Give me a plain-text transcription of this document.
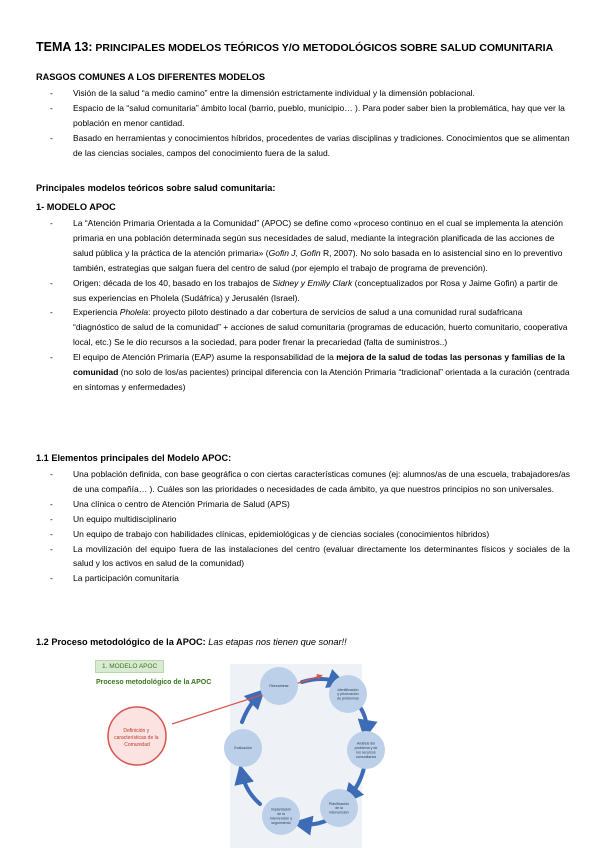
TEMA 13: PRINCIPALES MODELOS TEÓRICOS Y/O METODOLÓGICOS SOBRE SALUD COMUNITARIA
RASGOS COMUNES A LOS DIFERENTES MODELOS
- Visión de la salud “a medio camino” entre la dimensión estrictamente individual y la dimensión poblacional.
- Espacio de la “salud comunitaria” ámbito local (barrio, pueblo, municipio… ). Para poder saber bien la problemática, hay que ver la población en menor cantidad.
- Basado en herramientas y conocimientos híbridos, procedentes de varias disciplinas y tradiciones. Conocimientos que se alimentan de las ciencias sociales, campos del conocimiento fuera de la salud.
Principales modelos teóricos sobre salud comunitaria:
1- MODELO APOC
- La “Atención Primaria Orientada a la Comunidad” (APOC) se define como «proceso continuo en el cual se implementa la atención primaria en una población determinada según sus necesidades de salud, mediante la integración planificada de las acciones de salud pública y la práctica de la atención primaria» (Gofin J, Gofin R, 2007). No solo basada en lo asistencial sino en lo preventivo también, estrategias que salgan fuera del centro de salud (por ejemplo el trabajo de programa de prevención).
- Origen: década de los 40, basado en los trabajos de Sidney y Emiliy Clark (conceptualizados por Rosa y Jaime Gofin) a partir de sus experiencias en Pholela (Sudáfrica) y Jerusalén (Israel).
- Experiencia Pholela: proyecto piloto destinado a dar cobertura de servicios de salud a una comunidad rural sudafricana “diagnóstico de salud de la comunidad” + acciones de salud comunitaria (programas de educación, huerto comunitario, cooperativa local, etc.) Se le dio recursos a la sociedad, para poder frenar la precariedad (falta de suministros..)
- El equipo de Atención Primaria (EAP) asume la responsabilidad de la mejora de la salud de todas las personas y familias de la comunidad (no solo de los/as pacientes) principal diferencia con la Atención Primaria “tradicional” orientada a la curación (centrada en síntomas y enfermedades)
1.1 Elementos principales del Modelo APOC:
- Una población definida, con base geográfica o con ciertas características comunes (ej: alumnos/as de una escuela, trabajadores/as de una compañía… ). Cuáles son las prioridades o necesidades de cada ámbito, ya que nuestros principios no son universales.
- Una clínica o centro de Atención Primaria de Salud (APS)
- Un equipo multidisciplinario
- Un equipo de trabajo con habilidades clínicas, epidemiológicas y de ciencias sociales (conocimientos híbridos)
- La movilización del equipo fuera de las instalaciones del centro (evaluar directamente los determinantes físicos y sociales de la salud y los activos en salud de la comunidad)
- La participación comunitaria
1.2 Proceso metodológico de la APOC: Las etapas nos tienen que sonar!!
1. MODELO APOC
Proceso metodológico de la APOC
Reexaminar
Identificación y priorización de problemas
Análisis del problema y de los recursos comunitarios
Planificación de la intervención
Implantación de la intervención y seguimiento
Evaluación
Definición y características de la Comunidad
